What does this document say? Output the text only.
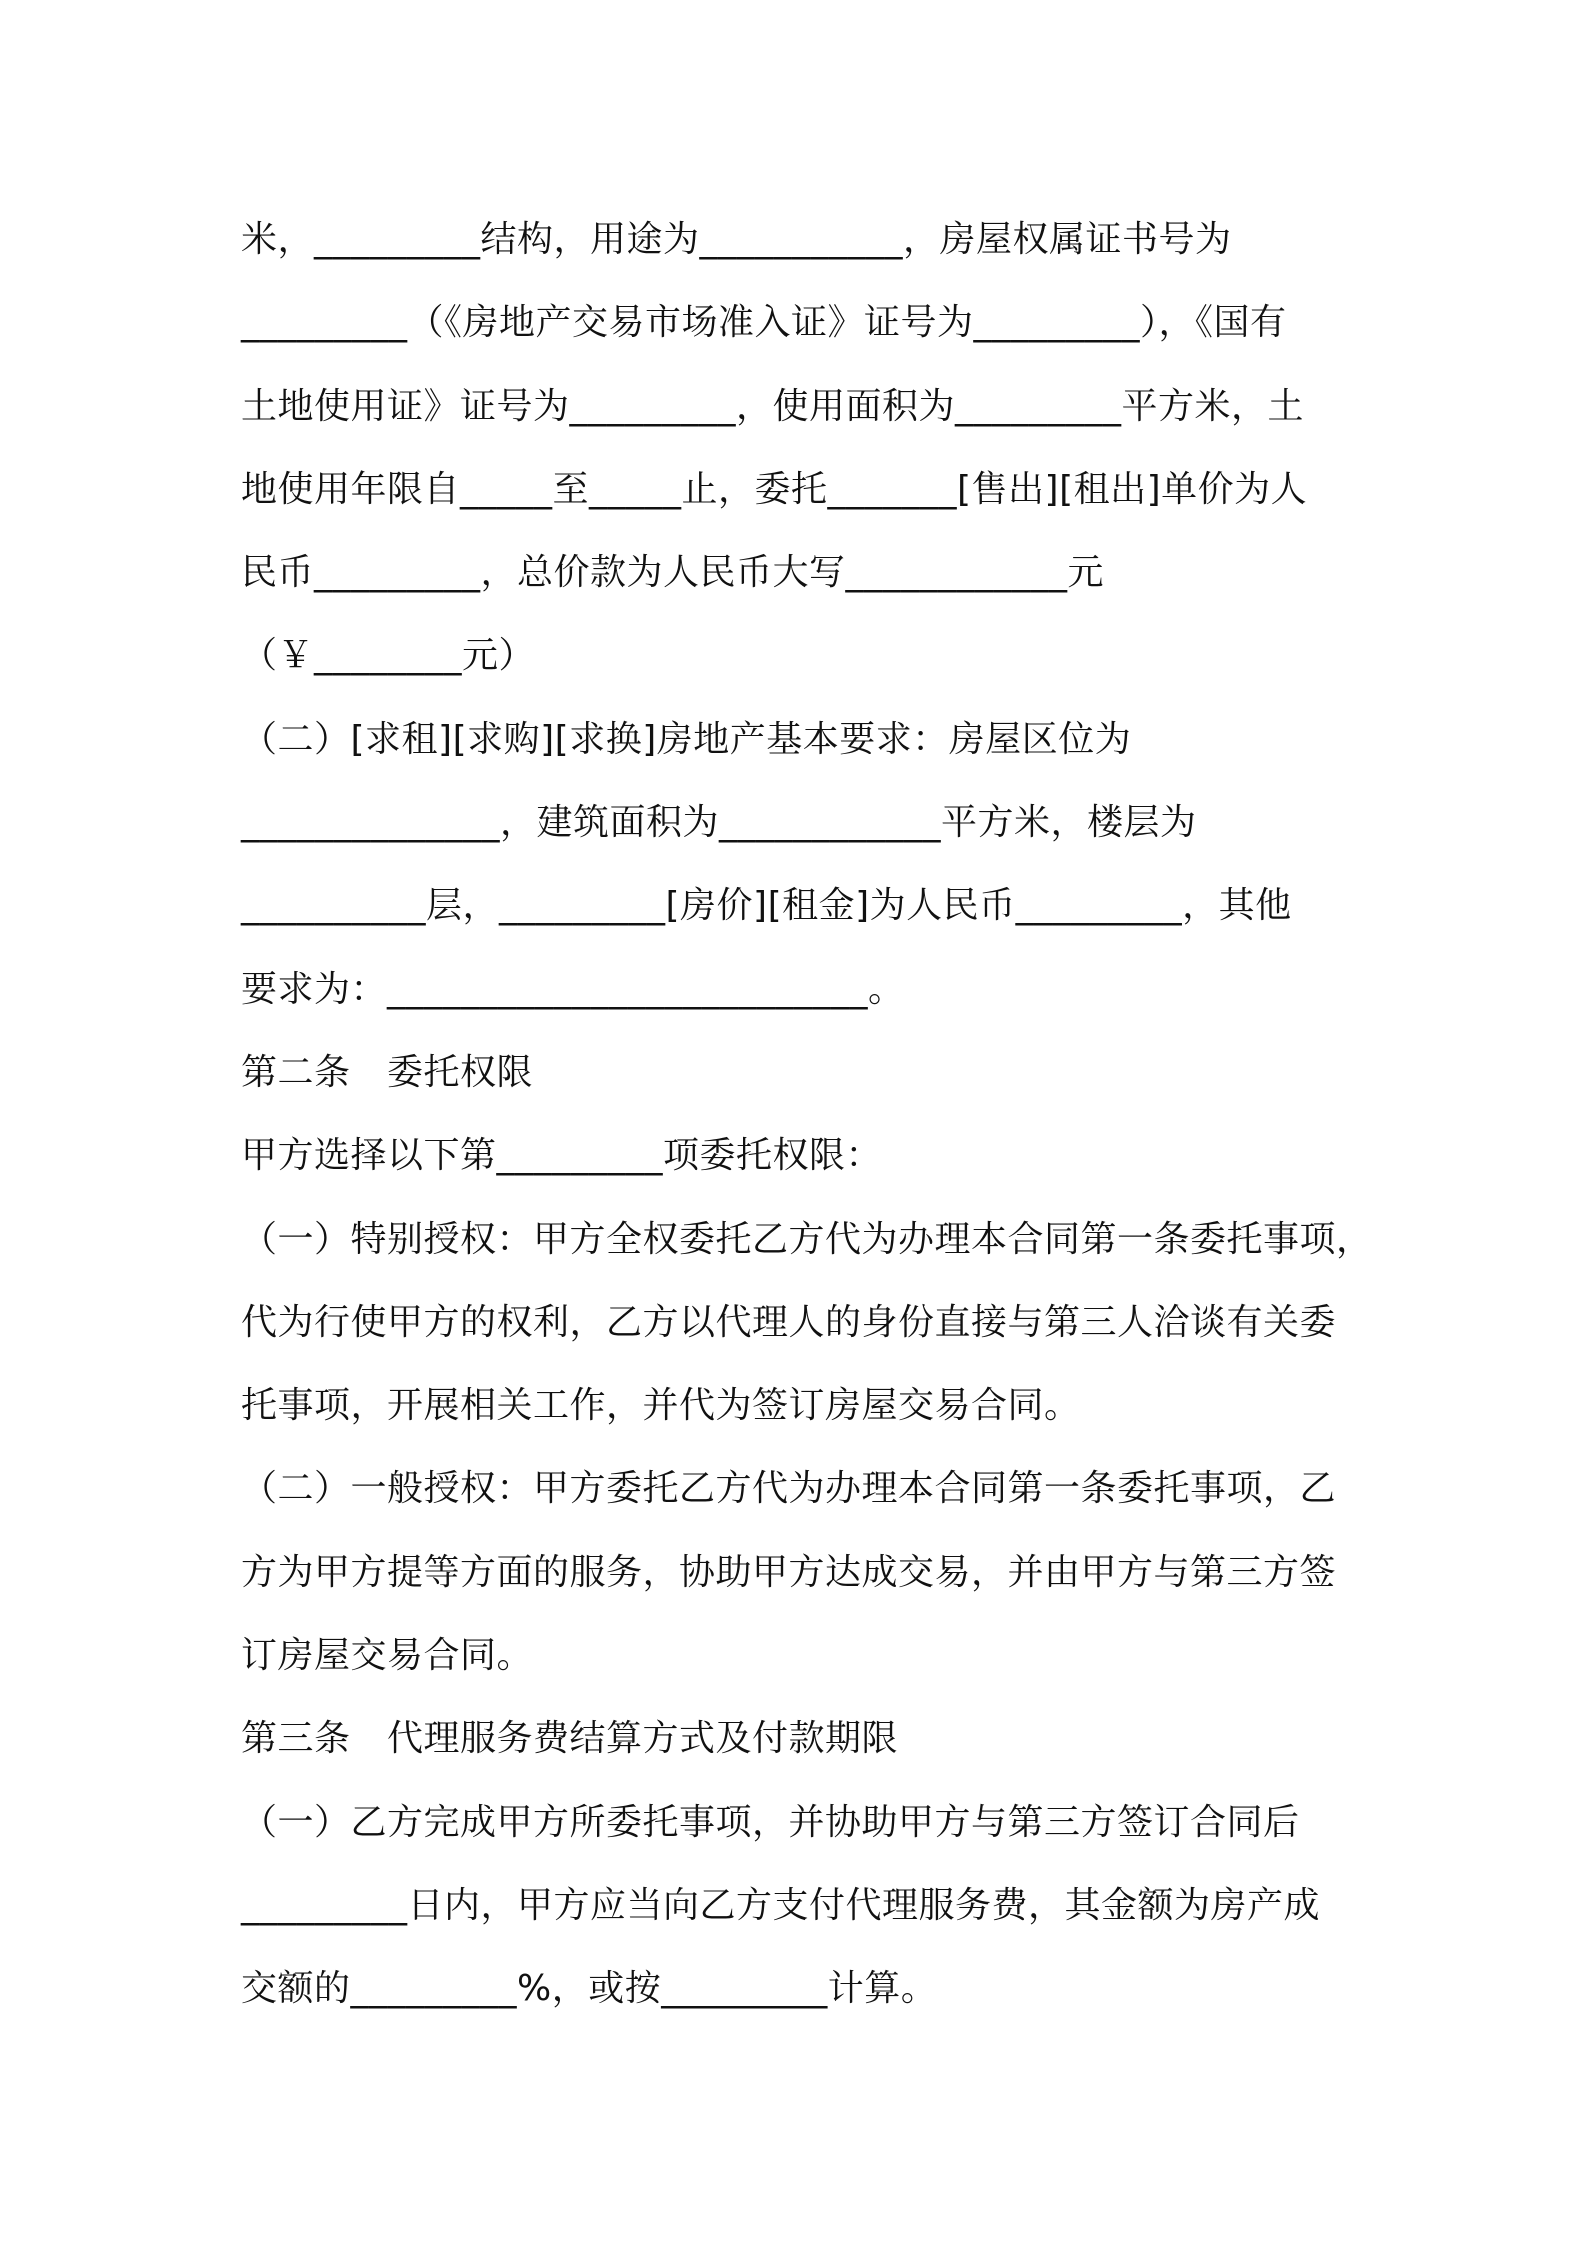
米，_________结构，用途为___________，房屋权属证书号为
_________（《房地产交易市场准入证》证号为_________），《国有
土地使用证》证号为_________，使用面积为_________平方米，土
地使用年限自_____至_____止，委托_______[售出][租出]单价为人
民币_________，总价款为人民币大写____________元
（￥________元）
（二）[求租][求购][求换]房地产基本要求：房屋区位为
______________，建筑面积为____________平方米，楼层为
__________层，_________[房价][租金]为人民币_________，其他
要求为：__________________________。
第二条　委托权限
甲方选择以下第_________项委托权限：
（一）特别授权：甲方全权委托乙方代为办理本合同第一条委托事项，
代为行使甲方的权利，乙方以代理人的身份直接与第三人洽谈有关委
托事项，开展相关工作，并代为签订房屋交易合同。
（二）一般授权：甲方委托乙方代为办理本合同第一条委托事项，乙
方为甲方提等方面的服务，协助甲方达成交易，并由甲方与第三方签
订房屋交易合同。
第三条　代理服务费结算方式及付款期限
（一）乙方完成甲方所委托事项，并协助甲方与第三方签订合同后
_________日内，甲方应当向乙方支付代理服务费，其金额为房产成
交额的_________%，或按_________计算。
